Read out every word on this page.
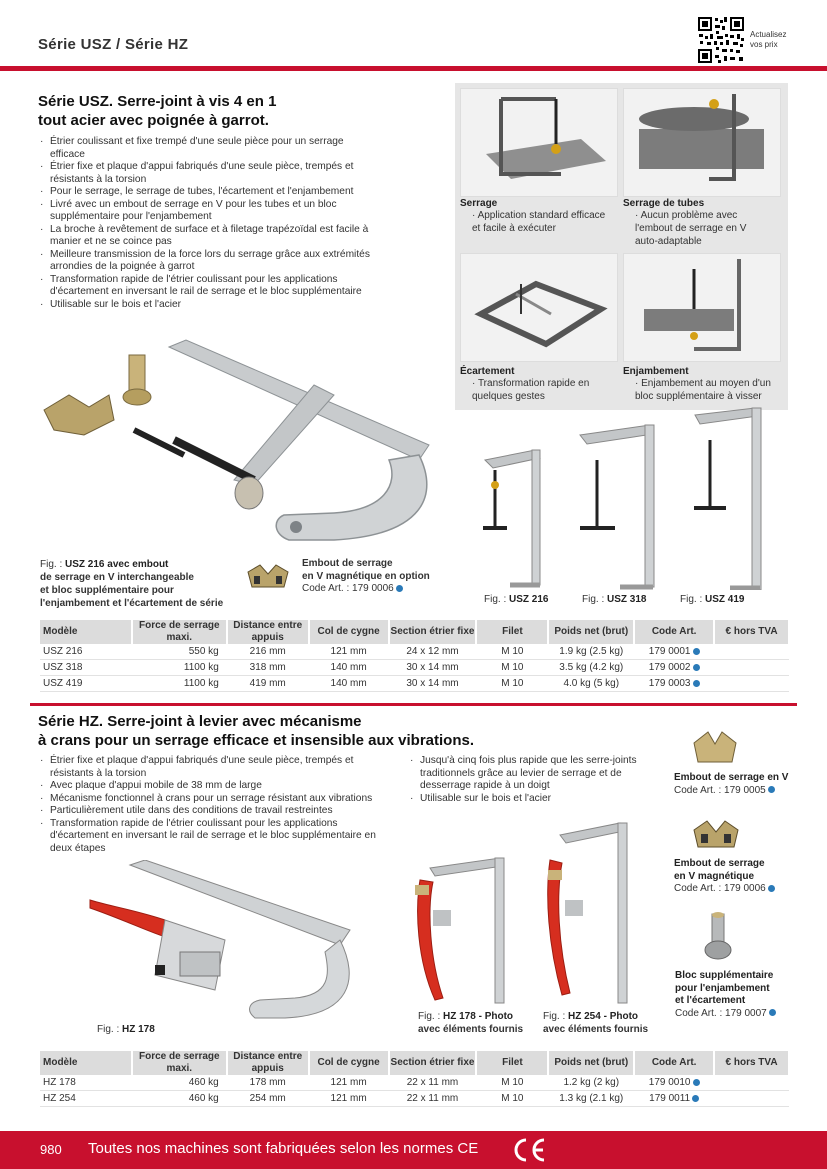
Série USZ / Série HZ
Actualisez
vos prix
Série USZ. Serre-joint à vis 4 en 1
tout acier avec poignée à garrot.
· Étrier coulissant et fixe trempé d'une seule pièce pour un serrage efficace
· Étrier fixe et plaque d'appui fabriqués d'une seule pièce, trempés et résistants à la torsion
· Pour le serrage, le serrage de tubes, l'écartement et l'enjambement
· Livré avec un embout de serrage en V pour les tubes et un bloc supplémentaire pour l'enjambement
· La broche à revêtement de surface et à filetage trapézoïdal est facile à manier et ne se coince pas
· Meilleure transmission de la force lors du serrage grâce aux extrémités arrondies de la poignée à garrot
· Transformation rapide de l'étrier coulissant pour les applications d'écartement en inversant le rail de serrage et le bloc supplémentaire
· Utilisable sur le bois et l'acier
Serrage
· Application standard efficace
et facile à exécuter
Serrage de tubes
· Aucun problème avec
l'embout de serrage en V
auto-adaptable
Écartement
· Transformation rapide en
quelques gestes
Enjambement
· Enjambement au moyen d'un
bloc supplémentaire à visser
Fig. : USZ 216 avec embout
de serrage en V interchangeable
et bloc supplémentaire pour
l'enjambement et l'écartement de série
Embout de serrage
en V magnétique en option
Code Art. : 179 0006
Fig. : USZ 216	Fig. : USZ 318	Fig. : USZ 419
Modèle	Force de serrage maxi.	Distance entre appuis	Col de cygne	Section étrier fixe	Filet	Poids net (brut)	Code Art.	€ hors TVA
USZ 216	550 kg	216 mm	121 mm	24 x 12 mm	M 10	1.9 kg (2.5 kg)	179 0001	
USZ 318	1100 kg	318 mm	140 mm	30 x 14 mm	M 10	3.5 kg (4.2 kg)	179 0002	
USZ 419	1100 kg	419 mm	140 mm	30 x 14 mm	M 10	4.0 kg (5 kg)	179 0003	
Série HZ. Serre-joint à levier avec mécanisme
à crans pour un serrage efficace et insensible aux vibrations.
· Étrier fixe et plaque d'appui fabriqués d'une seule pièce, trempés et résistants à la torsion
· Avec plaque d'appui mobile de 38 mm de large
· Mécanisme fonctionnel à crans pour un serrage résistant aux vibrations
· Particulièrement utile dans des conditions de travail restreintes
· Transformation rapide de l'étrier coulissant pour les applications d'écartement en inversant le rail de serrage et le bloc supplémentaire en deux étapes
· Jusqu'à cinq fois plus rapide que les serre-joints traditionnels grâce au levier de serrage et de desserrage rapide à un doigt
· Utilisable sur le bois et l'acier
Fig. : HZ 178
Fig. : HZ 178 - Photo
avec éléments fournis
Fig. : HZ 254 - Photo
avec éléments fournis
Embout de serrage en V
Code Art. : 179 0005
Embout de serrage
en V magnétique
Code Art. : 179 0006
Bloc supplémentaire
pour l'enjambement
et l'écartement
Code Art. : 179 0007
Modèle	Force de serrage maxi.	Distance entre appuis	Col de cygne	Section étrier fixe	Filet	Poids net (brut)	Code Art.	€ hors TVA
HZ 178	460 kg	178 mm	121 mm	22 x 11 mm	M 10	1.2 kg (2 kg)	179 0010	
HZ 254	460 kg	254 mm	121 mm	22 x 11 mm	M 10	1.3 kg (2.1 kg)	179 0011	
980 Toutes nos machines sont fabriquées selon les normes CE
